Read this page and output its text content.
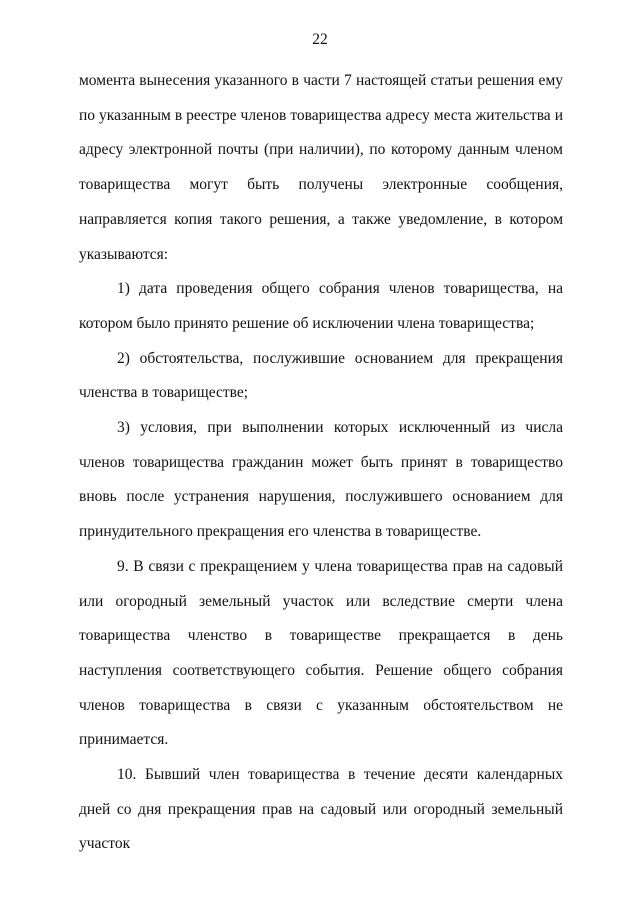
22

момента вынесения указанного в части 7 настоящей статьи решения ему по указанным в реестре членов товарищества адресу места жительства и адресу электронной почты (при наличии), по которому данным членом товарищества могут быть получены электронные сообщения, направляется копия такого решения, а также уведомление, в котором указываются:

1) дата проведения общего собрания членов товарищества, на котором было принято решение об исключении члена товарищества;

2) обстоятельства, послужившие основанием для прекращения членства в товариществе;

3) условия, при выполнении которых исключенный из числа членов товарищества гражданин может быть принят в товарищество вновь после устранения нарушения, послужившего основанием для принудительного прекращения его членства в товариществе.

9. В связи с прекращением у члена товарищества прав на садовый или огородный земельный участок или вследствие смерти члена товарищества членство в товариществе прекращается в день наступления соответствующего события. Решение общего собрания членов товарищества в связи с указанным обстоятельством не принимается.

10. Бывший член товарищества в течение десяти календарных дней со дня прекращения прав на садовый или огородный земельный участок
